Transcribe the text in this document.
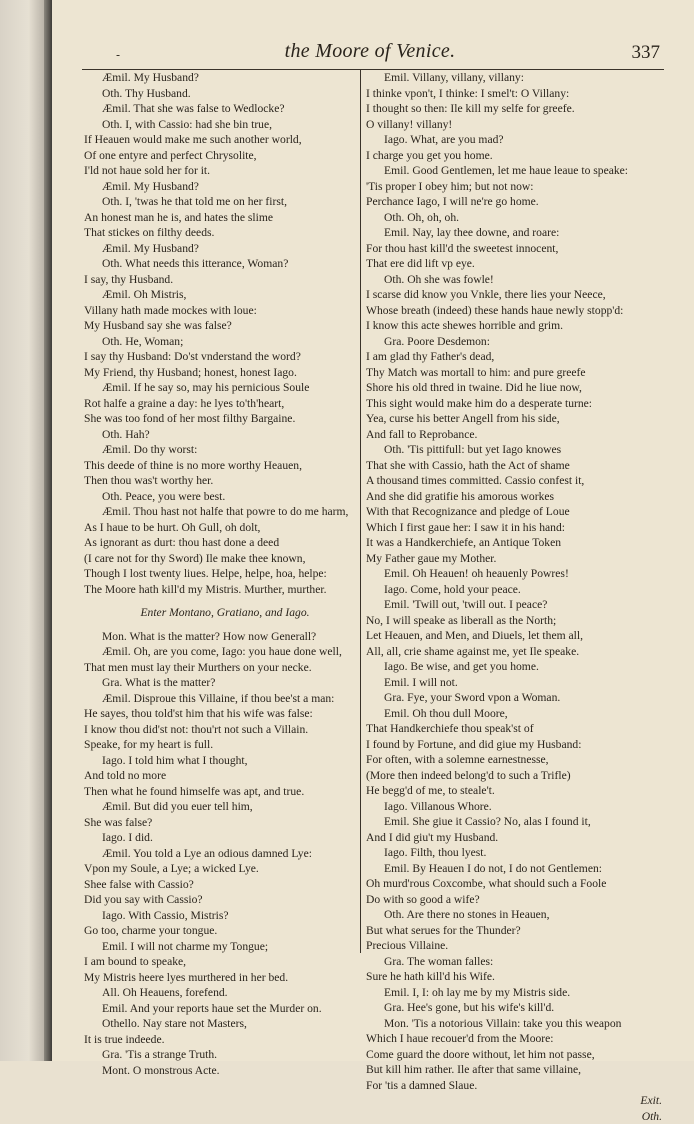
-	the Moore of Venice.	337
Æmil. My Husband?
Oth. Thy Husband.
Æmil. That she was false to Wedlocke?
Oth. I, with Cassio: had she bin true,
If Heauen would make me such another world,
Of one entyre and perfect Chrysolite,
I'ld not haue sold her for it.
Æmil. My Husband?
Oth. I, 'twas he that told me on her first,
An honest man he is, and hates the slime
That stickes on filthy deeds.
Æmil. My Husband?
Oth. What needs this itterance, Woman?
I say, thy Husband.
Æmil. Oh Mistris,
Villany hath made mockes with loue:
My Husband say she was false?
Oth. He, Woman;
I say thy Husband: Do'st vnderstand the word?
My Friend, thy Husband; honest, honest Iago.
Æmil. If he say so, may his pernicious Soule
Rot halfe a graine a day: he lyes to'th'heart,
She was too fond of her most filthy Bargaine.
Oth. Hah?
Æmil. Do thy worst:
This deede of thine is no more worthy Heauen,
Then thou was't worthy her.
Oth. Peace, you were best.
Æmil. Thou hast not halfe that powre to do me harm,
As I haue to be hurt. Oh Gull, oh dolt,
As ignorant as durt: thou hast done a deed
(I care not for thy Sword) Ile make thee known,
Though I lost twenty liues. Helpe, helpe, hoa, helpe:
The Moore hath kill'd my Mistris. Murther, murther.
Enter Montano, Gratiano, and Iago.
Mon. What is the matter? How now Generall?
Æmil. Oh, are you come, Iago: you haue done well,
That men must lay their Murthers on your necke.
Gra. What is the matter?
Æmil. Disproue this Villaine, if thou bee'st a man:
He sayes, thou told'st him that his wife was false:
I know thou did'st not: thou'rt not such a Villain.
Speake, for my heart is full.
Iago. I told him what I thought,
And told no more
Then what he found himselfe was apt, and true.
Æmil. But did you euer tell him,
She was false?
Iago. I did.
Æmil. You told a Lye an odious damned Lye:
Vpon my Soule, a Lye; a wicked Lye.
Shee false with Cassio?
Did you say with Cassio?
Iago. With Cassio, Mistris?
Go too, charme your tongue.
Emil. I will not charme my Tongue;
I am bound to speake,
My Mistris heere lyes murthered in her bed.
All. Oh Heauens, forefend.
Emil. And your reports haue set the Murder on.
Othello. Nay stare not Masters,
It is true indeede.
Gra. 'Tis a strange Truth.
Mont. O monstrous Acte.
Emil. Villany, villany, villany:
I thinke vpon't, I thinke: I smel't: O Villany:
I thought so then: Ile kill my selfe for greefe.
O villany! villany!
Iago. What, are you mad?
I charge you get you home.
Emil. Good Gentlemen, let me haue leaue to speake:
'Tis proper I obey him; but not now:
Perchance Iago, I will ne're go home.
Oth. Oh, oh, oh.
Emil. Nay, lay thee downe, and roare:
For thou hast kill'd the sweetest innocent,
That ere did lift vp eye.
Oth. Oh she was fowle!
I scarse did know you Vnkle, there lies your Neece,
Whose breath (indeed) these hands haue newly stopp'd:
I know this acte shewes horrible and grim.
Gra. Poore Desdemon:
I am glad thy Father's dead,
Thy Match was mortall to him: and pure greefe
Shore his old thred in twaine. Did he liue now,
This sight would make him do a desperate turne:
Yea, curse his better Angell from his side,
And fall to Reprobance.
Oth. 'Tis pittifull: but yet Iago knowes
That she with Cassio, hath the Act of shame
A thousand times committed. Cassio confest it,
And she did gratifie his amorous workes
With that Recognizance and pledge of Loue
Which I first gaue her: I saw it in his hand:
It was a Handkerchiefe, an Antique Token
My Father gaue my Mother.
Emil. Oh Heauen! oh heauenly Powres!
Iago. Come, hold your peace.
Emil. 'Twill out, 'twill out. I peace?
No, I will speake as liberall as the North;
Let Heauen, and Men, and Diuels, let them all,
All, all, crie shame against me, yet Ile speake.
Iago. Be wise, and get you home.
Emil. I will not.
Gra. Fye, your Sword vpon a Woman.
Emil. Oh thou dull Moore,
That Handkerchiefe thou speak'st of
I found by Fortune, and did giue my Husband:
For often, with a solemne earnestnesse,
(More then indeed belong'd to such a Trifle)
He begg'd of me, to steale't.
Iago. Villanous Whore.
Emil. She giue it Cassio? No, alas I found it,
And I did giu't my Husband.
Iago. Filth, thou lyest.
Emil. By Heauen I do not, I do not Gentlemen:
Oh murd'rous Coxcombe, what should such a Foole
Do with so good a wife?
Oth. Are there no stones in Heauen,
But what serues for the Thunder?
Precious Villaine.
Gra. The woman falles:
Sure he hath kill'd his Wife.
Emil. I, I: oh lay me by my Mistris side.
Gra. Hee's gone, but his wife's kill'd.
Mon. 'Tis a notorious Villain: take you this weapon
Which I haue recouer'd from the Moore:
Come guard the doore without, let him not passe,
But kill him rather. Ile after that same villaine,
For 'tis a damned Slaue.
Exit.
Oth.
